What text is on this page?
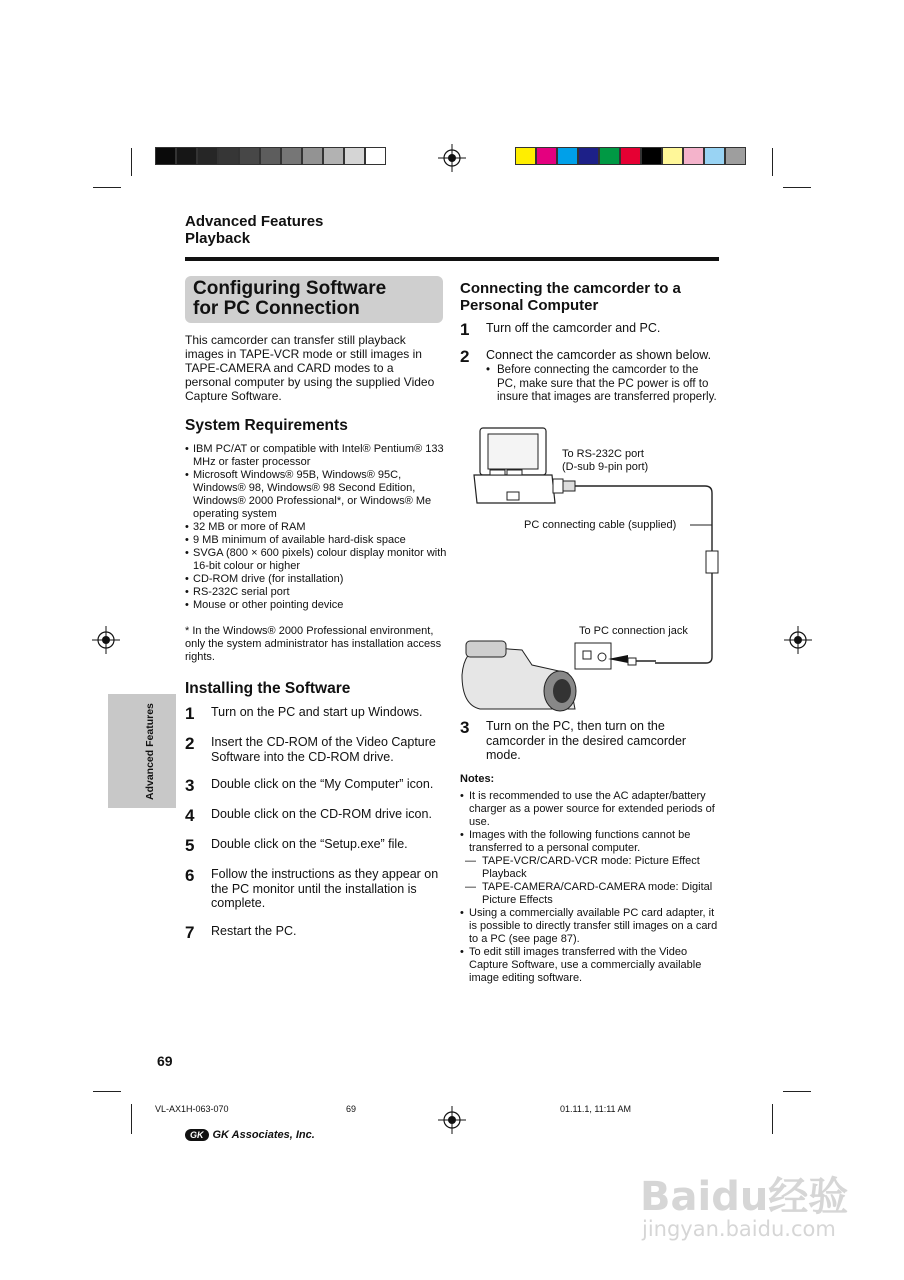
Advanced Features
Playback
Configuring Software
for PC Connection
This camcorder can transfer still playback
images in TAPE-VCR mode or still images in
TAPE-CAMERA and CARD modes to a
personal computer by using the supplied Video
Capture Software.
System Requirements
• IBM PC/AT or compatible with Intel® Pentium® 133 MHz or faster processor
• Microsoft Windows® 95B, Windows® 95C, Windows® 98, Windows® 98 Second Edition, Windows® 2000 Professional*, or Windows® Me operating system
• 32 MB or more of RAM
• 9 MB minimum of available hard-disk space
• SVGA (800 × 600 pixels) colour display monitor with 16-bit colour or higher
• CD-ROM drive (for installation)
• RS-232C serial port
• Mouse or other pointing device
* In the Windows® 2000 Professional environment, only the system administrator has installation access rights.
Installing the Software
1	Turn on the PC and start up Windows.
2	Insert the CD-ROM of the Video Capture Software into the CD-ROM drive.
3	Double click on the “My Computer” icon.
4	Double click on the CD-ROM drive icon.
5	Double click on the “Setup.exe” file.
6	Follow the instructions as they appear on the PC monitor until the installation is complete.
7	Restart the PC.
Advanced Features
Connecting the camcorder to a
Personal Computer
1	Turn off the camcorder and PC.
2	Connect the camcorder as shown below.
• Before connecting the camcorder to the PC, make sure that the PC power is off to insure that images are transferred properly.
To RS-232C port
(D-sub 9-pin port)
PC connecting cable (supplied)
To PC connection jack
3	Turn on the PC, then turn on the camcorder in the desired camcorder mode.
Notes:
• It is recommended to use the AC adapter/battery charger as a power source for extended periods of use.
• Images with the following functions cannot be transferred to a personal computer.
— TAPE-VCR/CARD-VCR mode: Picture Effect Playback
— TAPE-CAMERA/CARD-CAMERA mode: Digital Picture Effects
• Using a commercially available PC card adapter, it is possible to directly transfer still images on a card to a PC (see page 87).
• To edit still images transferred with the Video Capture Software, use a commercially available image editing software.
69
VL-AX1H-063-070	69	01.11.1, 11:11 AM
GK GK Associates, Inc.
Baidu经验
jingyan.baidu.com
